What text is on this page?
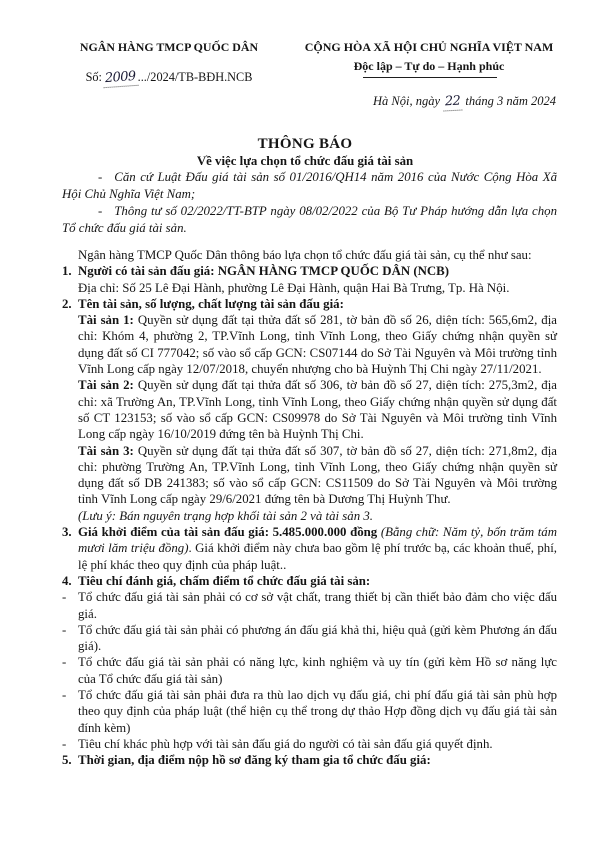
NGÂN HÀNG TMCP QUỐC DÂN
Số: 2009 .../2024/TB-BĐH.NCB
CỘNG HÒA XÃ HỘI CHỦ NGHĨA VIỆT NAM
Độc lập – Tự do – Hạnh phúc
Hà Nội, ngày 22 tháng 3 năm 2024
THÔNG BÁO
Về việc lựa chọn tổ chức đấu giá tài sản

- Căn cứ Luật Đấu giá tài sản số 01/2016/QH14 năm 2016 của Nước Cộng Hòa Xã Hội Chủ Nghĩa Việt Nam;

- Thông tư số 02/2022/TT-BTP ngày 08/02/2022 của Bộ Tư Pháp hướng dẫn lựa chọn Tổ chức đấu giá tài sản.

Ngân hàng TMCP Quốc Dân thông báo lựa chọn tổ chức đấu giá tài sản, cụ thể như sau:

1. Người có tài sản đấu giá: NGÂN HÀNG TMCP QUỐC DÂN (NCB)

Địa chỉ: Số 25 Lê Đại Hành, phường Lê Đại Hành, quận Hai Bà Trưng, Tp. Hà Nội.

2. Tên tài sản, số lượng, chất lượng tài sản đấu giá:

Tài sản 1: Quyền sử dụng đất tại thửa đất số 281, tờ bản đồ số 26, diện tích: 565,6m2, địa chỉ: Khóm 4, phường 2, TP.Vĩnh Long, tỉnh Vĩnh Long, theo Giấy chứng nhận quyền sử dụng đất số CI 777042; số vào sổ cấp GCN: CS07144 do Sở Tài Nguyên và Môi trường tỉnh Vĩnh Long cấp ngày 12/07/2018, chuyển nhượng cho bà Huỳnh Thị Chi ngày 27/11/2021.

Tài sản 2: Quyền sử dụng đất tại thửa đất số 306, tờ bản đồ số 27, diện tích: 275,3m2, địa chỉ: xã Trường An, TP.Vĩnh Long, tỉnh Vĩnh Long, theo Giấy chứng nhận quyền sử dụng đất số CT 123153; số vào sổ cấp GCN: CS09978 do Sở Tài Nguyên và Môi trường tỉnh Vĩnh Long cấp ngày 16/10/2019 đứng tên bà Huỳnh Thị Chi.

Tài sản 3: Quyền sử dụng đất tại thửa đất số 307, tờ bản đồ số 27, diện tích: 271,8m2, địa chỉ: phường Trường An, TP.Vĩnh Long, tỉnh Vĩnh Long, theo Giấy chứng nhận quyền sử dụng đất số DB 241383; số vào sổ cấp GCN: CS11509 do Sở Tài Nguyên và Môi trường tỉnh Vĩnh Long cấp ngày 29/6/2021 đứng tên bà Dương Thị Huỳnh Thư.

(Lưu ý: Bán nguyên trạng hợp khối tài sản 2 và tài sản 3.

3. Giá khởi điểm của tài sản đấu giá: 5.485.000.000 đồng (Bằng chữ: Năm tỷ, bốn trăm tám mươi lăm triệu đồng). Giá khởi điểm này chưa bao gồm lệ phí trước bạ, các khoản thuế, phí, lệ phí khác theo quy định của pháp luật..

4. Tiêu chí đánh giá, chấm điểm tổ chức đấu giá tài sản:

- Tổ chức đấu giá tài sản phải có cơ sở vật chất, trang thiết bị cần thiết bảo đảm cho việc đấu giá.
- Tổ chức đấu giá tài sản phải có phương án đấu giá khả thi, hiệu quả (gửi kèm Phương án đấu giá).
- Tổ chức đấu giá tài sản phải có năng lực, kinh nghiệm và uy tín (gửi kèm Hồ sơ năng lực của Tổ chức đấu giá tài sản)
- Tổ chức đấu giá tài sản phải đưa ra thù lao dịch vụ đấu giá, chi phí đấu giá tài sản phù hợp theo quy định của pháp luật (thể hiện cụ thể trong dự thảo Hợp đồng dịch vụ đấu giá tài sản đính kèm)
- Tiêu chí khác phù hợp với tài sản đấu giá do người có tài sản đấu giá quyết định.
5. Thời gian, địa điểm nộp hồ sơ đăng ký tham gia tổ chức đấu giá:
